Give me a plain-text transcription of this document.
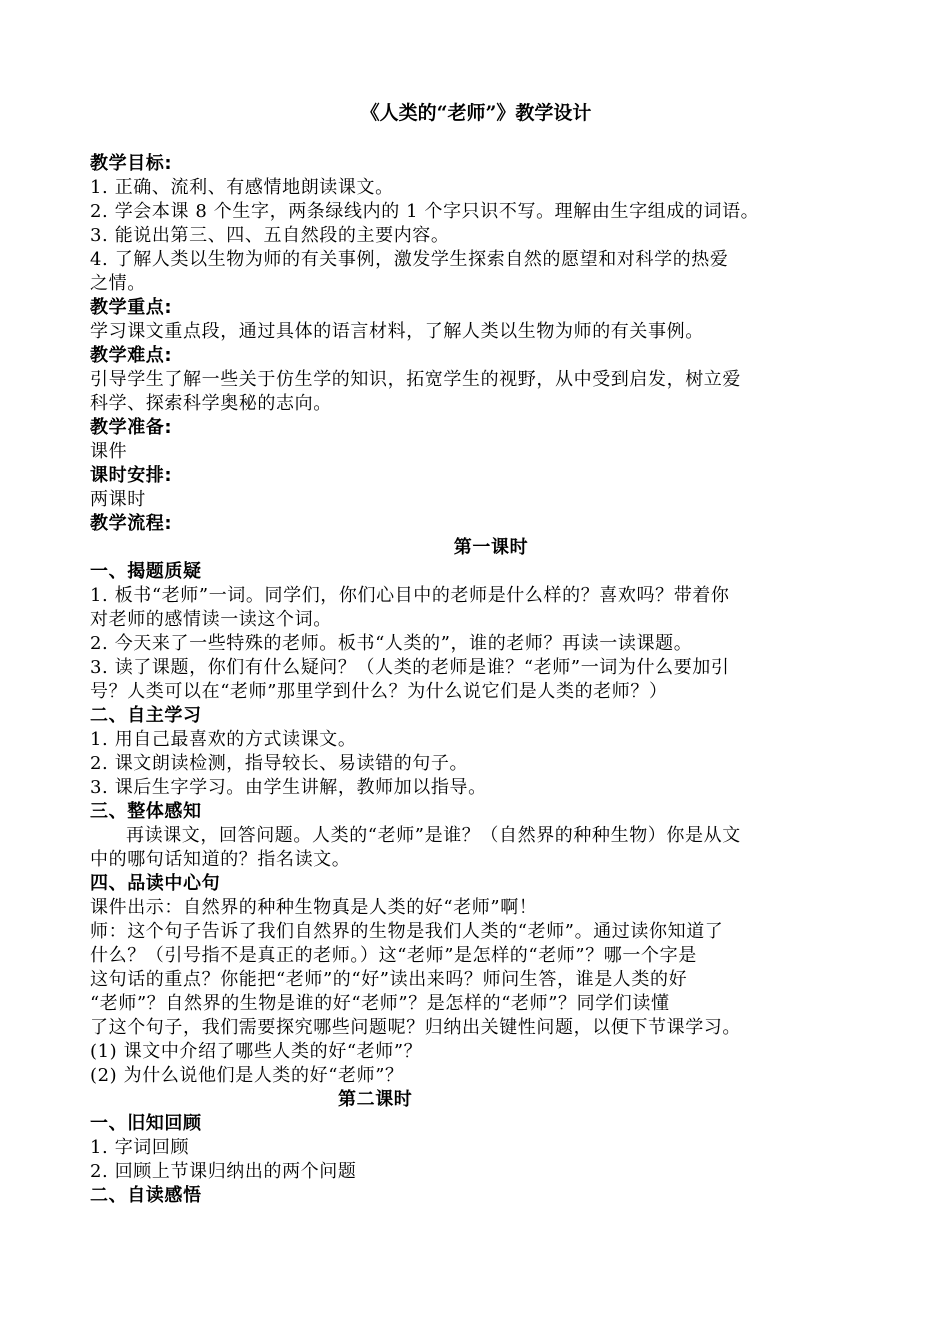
《人类的“老师”》教学设计
教学目标:
1. 正确、流利、有感情地朗读课文。
2. 学会本课 8 个生字，两条绿线内的 1 个字只识不写。理解由生字组成的词语。
3. 能说出第三、四、五自然段的主要内容。
4. 了解人类以生物为师的有关事例，激发学生探索自然的愿望和对科学的热爱
之情。
教学重点:
学习课文重点段，通过具体的语言材料，了解人类以生物为师的有关事例。
教学难点:
引导学生了解一些关于仿生学的知识，拓宽学生的视野，从中受到启发，树立爱
科学、探索科学奥秘的志向。
教学准备:
课件
课时安排:
两课时
教学流程:
第一课时
一、揭题质疑
1. 板书“老师”一词。同学们，你们心目中的老师是什么样的？喜欢吗？带着你
对老师的感情读一读这个词。
2. 今天来了一些特殊的老师。板书“人类的”，谁的老师？再读一读课题。
3. 读了课题，你们有什么疑问？（人类的老师是谁？“老师”一词为什么要加引
号？人类可以在“老师”那里学到什么？为什么说它们是人类的老师？）
二、自主学习
1. 用自己最喜欢的方式读课文。
2. 课文朗读检测，指导较长、易读错的句子。
3. 课后生字学习。由学生讲解，教师加以指导。
三、整体感知
再读课文，回答问题。人类的“老师”是谁？（自然界的种种生物）你是从文
中的哪句话知道的？指名读文。
四、品读中心句
课件出示：自然界的种种生物真是人类的好“老师”啊！
师：这个句子告诉了我们自然界的生物是我们人类的“老师”。通过读你知道了
什么？（引号指不是真正的老师。）这“老师”是怎样的“老师”？哪一个字是
这句话的重点？你能把“老师”的“好”读出来吗？师问生答，谁是人类的好
“老师”？自然界的生物是谁的好“老师”？是怎样的“老师”？同学们读懂
了这个句子，我们需要探究哪些问题呢？归纳出关键性问题，以便下节课学习。
(1) 课文中介绍了哪些人类的好“老师”？
(2) 为什么说他们是人类的好“老师”？
第二课时
一、旧知回顾
1. 字词回顾
2. 回顾上节课归纳出的两个问题
二、自读感悟
